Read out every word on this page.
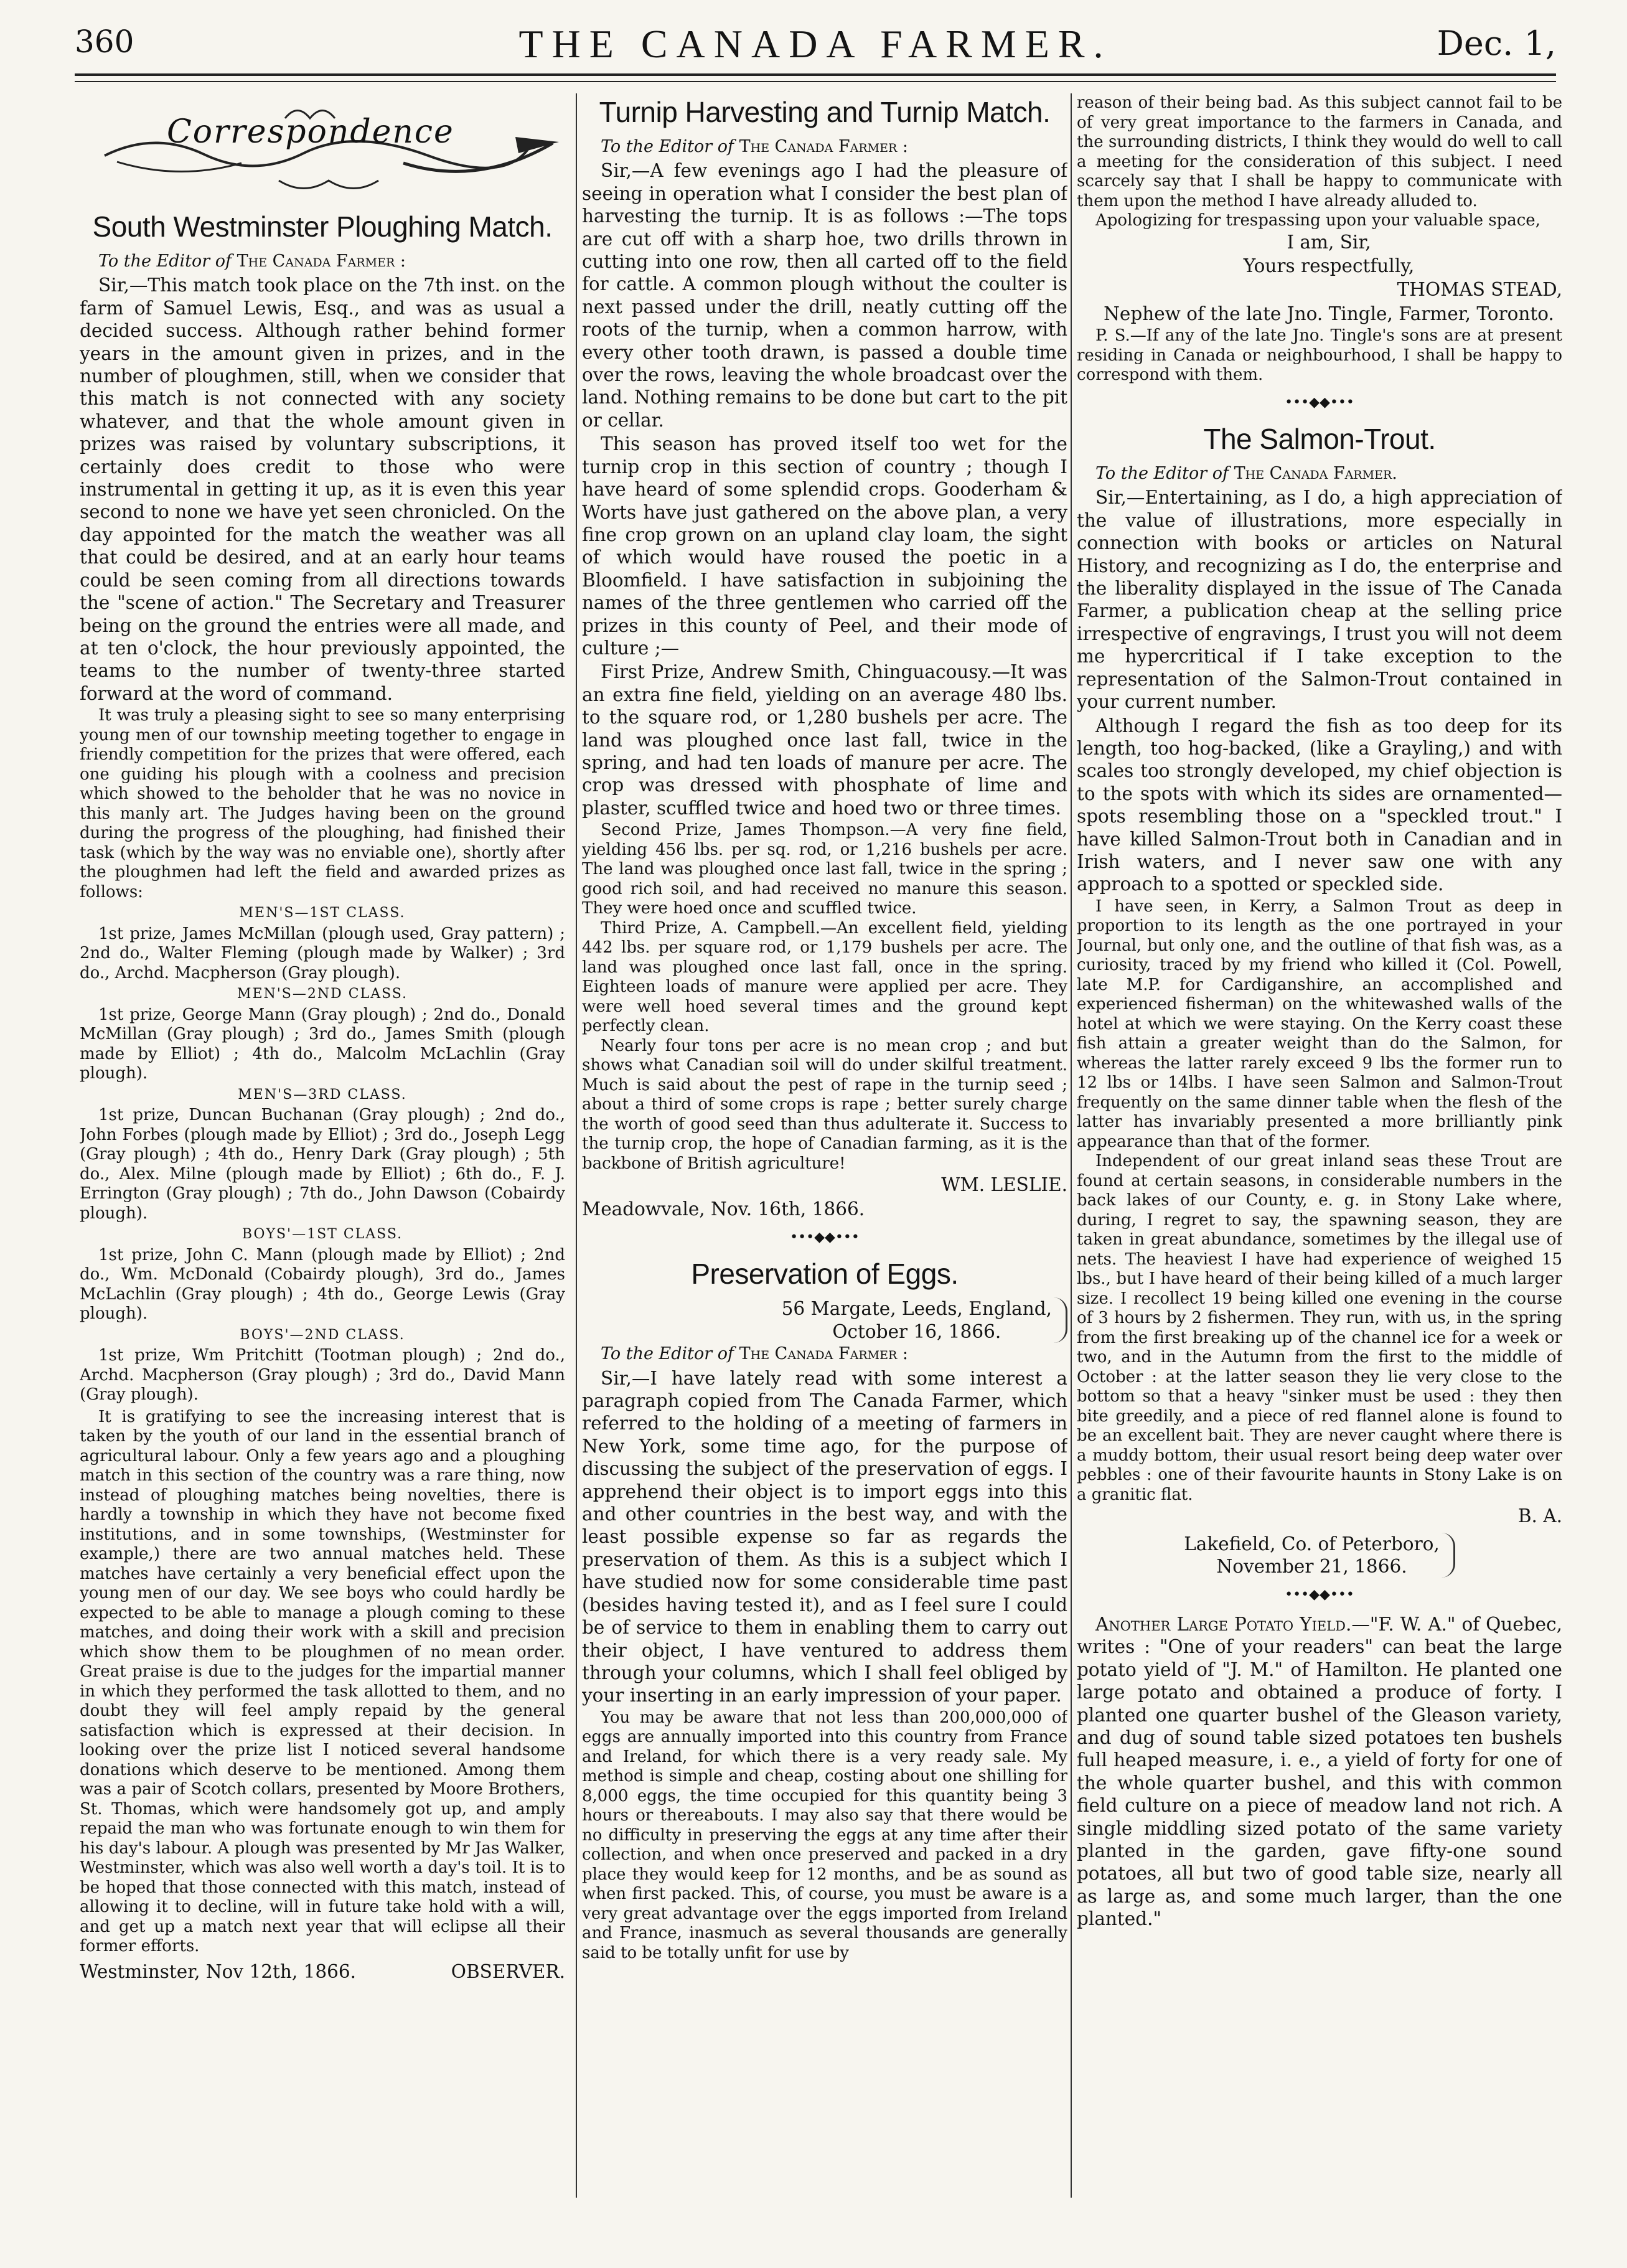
360	THE CANADA FARMER.	Dec. 1,
Correspondence
South Westminster Ploughing Match.

To the Editor of The Canada Farmer :

Sir,—This match took place on the 7th inst. on the farm of Samuel Lewis, Esq., and was as usual a decided success. Although rather behind former years in the amount given in prizes, and in the number of ploughmen, still, when we consider that this match is not connected with any society whatever, and that the whole amount given in prizes was raised by voluntary subscriptions, it certainly does credit to those who were instrumental in getting it up, as it is even this year second to none we have yet seen chronicled. On the day appointed for the match the weather was all that could be desired, and at an early hour teams could be seen coming from all directions towards the "scene of action." The Secretary and Treasurer being on the ground the entries were all made, and at ten o'clock, the hour previously appointed, the teams to the number of twenty-three started forward at the word of command.

It was truly a pleasing sight to see so many enterprising young men of our township meeting together to engage in friendly competition for the prizes that were offered, each one guiding his plough with a coolness and precision which showed to the beholder that he was no novice in this manly art. The Judges having been on the ground during the progress of the ploughing, had finished their task (which by the way was no enviable one), shortly after the ploughmen had left the field and awarded prizes as follows:

MEN'S—1ST CLASS.

1st prize, James McMillan (plough used, Gray pattern) ; 2nd do., Walter Fleming (plough made by Walker) ; 3rd do., Archd. Macpherson (Gray plough).

MEN'S—2ND CLASS.

1st prize, George Mann (Gray plough) ; 2nd do., Donald McMillan (Gray plough) ; 3rd do., James Smith (plough made by Elliot) ; 4th do., Malcolm McLachlin (Gray plough).

MEN'S—3RD CLASS.

1st prize, Duncan Buchanan (Gray plough) ; 2nd do., John Forbes (plough made by Elliot) ; 3rd do., Joseph Legg (Gray plough) ; 4th do., Henry Dark (Gray plough) ; 5th do., Alex. Milne (plough made by Elliot) ; 6th do., F. J. Errington (Gray plough) ; 7th do., John Dawson (Cobairdy plough).

BOYS'—1ST CLASS.

1st prize, John C. Mann (plough made by Elliot) ; 2nd do., Wm. McDonald (Cobairdy plough), 3rd do., James McLachlin (Gray plough) ; 4th do., George Lewis (Gray plough).

BOYS'—2ND CLASS.

1st prize, Wm Pritchitt (Tootman plough) ; 2nd do., Archd. Macpherson (Gray plough) ; 3rd do., David Mann (Gray plough).

It is gratifying to see the increasing interest that is taken by the youth of our land in the essential branch of agricultural labour. Only a few years ago and a ploughing match in this section of the country was a rare thing, now instead of ploughing matches being novelties, there is hardly a township in which they have not become fixed institutions, and in some townships, (Westminster for example,) there are two annual matches held. These matches have certainly a very beneficial effect upon the young men of our day. We see boys who could hardly be expected to be able to manage a plough coming to these matches, and doing their work with a skill and precision which show them to be ploughmen of no mean order. Great praise is due to the judges for the impartial manner in which they performed the task allotted to them, and no doubt they will feel amply repaid by the general satisfaction which is expressed at their decision. In looking over the prize list I noticed several handsome donations which deserve to be mentioned. Among them was a pair of Scotch collars, presented by Moore Brothers, St. Thomas, which were handsomely got up, and amply repaid the man who was fortunate enough to win them for his day's labour. A plough was presented by Mr Jas Walker, Westminster, which was also well worth a day's toil. It is to be hoped that those connected with this match, instead of allowing it to decline, will in future take hold with a will, and get up a match next year that will eclipse all their former efforts.

Westminster, Nov 12th, 1866.	OBSERVER.
Turnip Harvesting and Turnip Match.

To the Editor of The Canada Farmer :

Sir,—A few evenings ago I had the pleasure of seeing in operation what I consider the best plan of harvesting the turnip. It is as follows :—The tops are cut off with a sharp hoe, two drills thrown in cutting into one row, then all carted off to the field for cattle. A common plough without the coulter is next passed under the drill, neatly cutting off the roots of the turnip, when a common harrow, with every other tooth drawn, is passed a double time over the rows, leaving the whole broadcast over the land. Nothing remains to be done but cart to the pit or cellar.

This season has proved itself too wet for the turnip crop in this section of country ; though I have heard of some splendid crops. Gooderham & Worts have just gathered on the above plan, a very fine crop grown on an upland clay loam, the sight of which would have roused the poetic in a Bloomfield. I have satisfaction in subjoining the names of the three gentlemen who carried off the prizes in this county of Peel, and their mode of culture ;—

First Prize, Andrew Smith, Chinguacousy.—It was an extra fine field, yielding on an average 480 lbs. to the square rod, or 1,280 bushels per acre. The land was ploughed once last fall, twice in the spring, and had ten loads of manure per acre. The crop was dressed with phosphate of lime and plaster, scuffled twice and hoed two or three times.

Second Prize, James Thompson.—A very fine field, yielding 456 lbs. per sq. rod, or 1,216 bushels per acre. The land was ploughed once last fall, twice in the spring ; good rich soil, and had received no manure this season. They were hoed once and scuffled twice.

Third Prize, A. Campbell.—An excellent field, yielding 442 lbs. per square rod, or 1,179 bushels per acre. The land was ploughed once last fall, once in the spring. Eighteen loads of manure were applied per acre. They were well hoed several times and the ground kept perfectly clean.

Nearly four tons per acre is no mean crop ; and but shows what Canadian soil will do under skilful treatment. Much is said about the pest of rape in the turnip seed ; about a third of some crops is rape ; better surely charge the worth of good seed than thus adulterate it. Success to the turnip crop, the hope of Canadian farming, as it is the backbone of British agriculture!

WM. LESLIE.

Meadowvale, Nov. 16th, 1866.

•••◆◆•••
Preservation of Eggs.
56 Margate, Leeds, England,
October 16, 1866.

To the Editor of The Canada Farmer :

Sir,—I have lately read with some interest a paragraph copied from The Canada Farmer, which referred to the holding of a meeting of farmers in New York, some time ago, for the purpose of discussing the subject of the preservation of eggs. I apprehend their object is to import eggs into this and other countries in the best way, and with the least possible expense so far as regards the preservation of them. As this is a subject which I have studied now for some considerable time past (besides having tested it), and as I feel sure I could be of service to them in enabling them to carry out their object, I have ventured to address them through your columns, which I shall feel obliged by your inserting in an early impression of your paper.

You may be aware that not less than 200,000,000 of eggs are annually imported into this country from France and Ireland, for which there is a very ready sale. My method is simple and cheap, costing about one shilling for 8,000 eggs, the time occupied for this quantity being 3 hours or thereabouts. I may also say that there would be no difficulty in preserving the eggs at any time after their collection, and when once preserved and packed in a dry place they would keep for 12 months, and be as sound as when first packed. This, of course, you must be aware is a very great advantage over the eggs imported from Ireland and France, inasmuch as several thousands are generally said to be totally unfit for use by

reason of their being bad. As this subject cannot fail to be of very great importance to the farmers in Canada, and the surrounding districts, I think they would do well to call a meeting for the consideration of this subject. I need scarcely say that I shall be happy to communicate with them upon the method I have already alluded to.

Apologizing for trespassing upon your valuable space,

I am, Sir,

Yours respectfully,

THOMAS STEAD,

Nephew of the late Jno. Tingle, Farmer, Toronto.

P. S.—If any of the late Jno. Tingle's sons are at present residing in Canada or neighbourhood, I shall be happy to correspond with them.

•••◆◆•••
The Salmon-Trout.

To the Editor of The Canada Farmer.

Sir,—Entertaining, as I do, a high appreciation of the value of illustrations, more especially in connection with books or articles on Natural History, and recognizing as I do, the enterprise and the liberality displayed in the issue of The Canada Farmer, a publication cheap at the selling price irrespective of engravings, I trust you will not deem me hypercritical if I take exception to the representation of the Salmon-Trout contained in your current number.

Although I regard the fish as too deep for its length, too hog-backed, (like a Grayling,) and with scales too strongly developed, my chief objection is to the spots with which its sides are ornamented—spots resembling those on a "speckled trout." I have killed Salmon-Trout both in Canadian and in Irish waters, and I never saw one with any approach to a spotted or speckled side.

I have seen, in Kerry, a Salmon Trout as deep in proportion to its length as the one portrayed in your Journal, but only one, and the outline of that fish was, as a curiosity, traced by my friend who killed it (Col. Powell, late M.P. for Cardiganshire, an accomplished and experienced fisherman) on the whitewashed walls of the hotel at which we were staying. On the Kerry coast these fish attain a greater weight than do the Salmon, for whereas the latter rarely exceed 9 lbs the former run to 12 lbs or 14lbs. I have seen Salmon and Salmon-Trout frequently on the same dinner table when the flesh of the latter has invariably presented a more brilliantly pink appearance than that of the former.

Independent of our great inland seas these Trout are found at certain seasons, in considerable numbers in the back lakes of our County, e. g. in Stony Lake where, during, I regret to say, the spawning season, they are taken in great abundance, sometimes by the illegal use of nets. The heaviest I have had experience of weighed 15 lbs., but I have heard of their being killed of a much larger size. I recollect 19 being killed one evening in the course of 3 hours by 2 fishermen. They run, with us, in the spring from the first breaking up of the channel ice for a week or two, and in the Autumn from the first to the middle of October : at the latter season they lie very close to the bottom so that a heavy "sinker must be used : they then bite greedily, and a piece of red flannel alone is found to be an excellent bait. They are never caught where there is a muddy bottom, their usual resort being deep water over pebbles : one of their favourite haunts in Stony Lake is on a granitic flat.

B. A.

Lakefield, Co. of Peterboro,
November 21, 1866.
•••◆◆•••

Another Large Potato Yield.—"F. W. A." of Quebec, writes : "One of your readers" can beat the large potato yield of "J. M." of Hamilton. He planted one large potato and obtained a produce of forty. I planted one quarter bushel of the Gleason variety, and dug of sound table sized potatoes ten bushels full heaped measure, i. e., a yield of forty for one of the whole quarter bushel, and this with common field culture on a piece of meadow land not rich. A single middling sized potato of the same variety planted in the garden, gave fifty-one sound potatoes, all but two of good table size, nearly all as large as, and some much larger, than the one planted."
